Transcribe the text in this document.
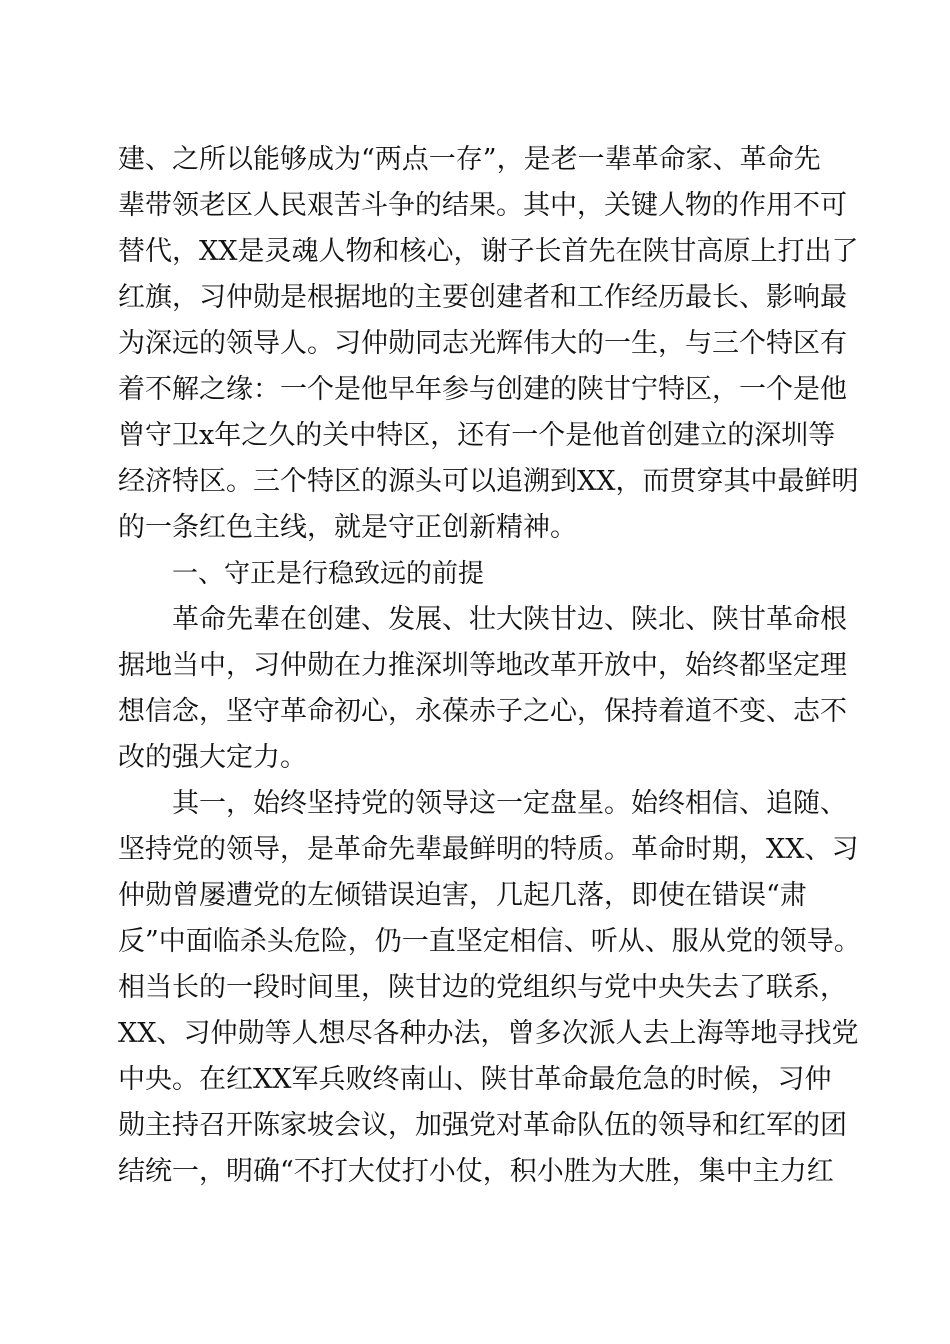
建、之所以能够成为“两点一存”，是老一辈革命家、革命先
辈带领老区人民艰苦斗争的结果。其中，关键人物的作用不可
替代，XX是灵魂人物和核心，谢子长首先在陕甘高原上打出了
红旗，习仲勋是根据地的主要创建者和工作经历最长、影响最
为深远的领导人。习仲勋同志光辉伟大的一生，与三个特区有
着不解之缘：一个是他早年参与创建的陕甘宁特区，一个是他
曾守卫x年之久的关中特区，还有一个是他首创建立的深圳等
经济特区。三个特区的源头可以追溯到XX，而贯穿其中最鲜明
的一条红色主线，就是守正创新精神。
一、守正是行稳致远的前提
革命先辈在创建、发展、壮大陕甘边、陕北、陕甘革命根
据地当中，习仲勋在力推深圳等地改革开放中，始终都坚定理
想信念，坚守革命初心，永葆赤子之心，保持着道不变、志不
改的强大定力。
其一，始终坚持党的领导这一定盘星。始终相信、追随、
坚持党的领导，是革命先辈最鲜明的特质。革命时期，XX、习
仲勋曾屡遭党的左倾错误迫害，几起几落，即使在错误“肃
反”中面临杀头危险，仍一直坚定相信、听从、服从党的领导。
相当长的一段时间里，陕甘边的党组织与党中央失去了联系，
XX、习仲勋等人想尽各种办法，曾多次派人去上海等地寻找党
中央。在红XX军兵败终南山、陕甘革命最危急的时候，习仲
勋主持召开陈家坡会议，加强党对革命队伍的领导和红军的团
结统一，明确“不打大仗打小仗，积小胜为大胜，集中主力红
